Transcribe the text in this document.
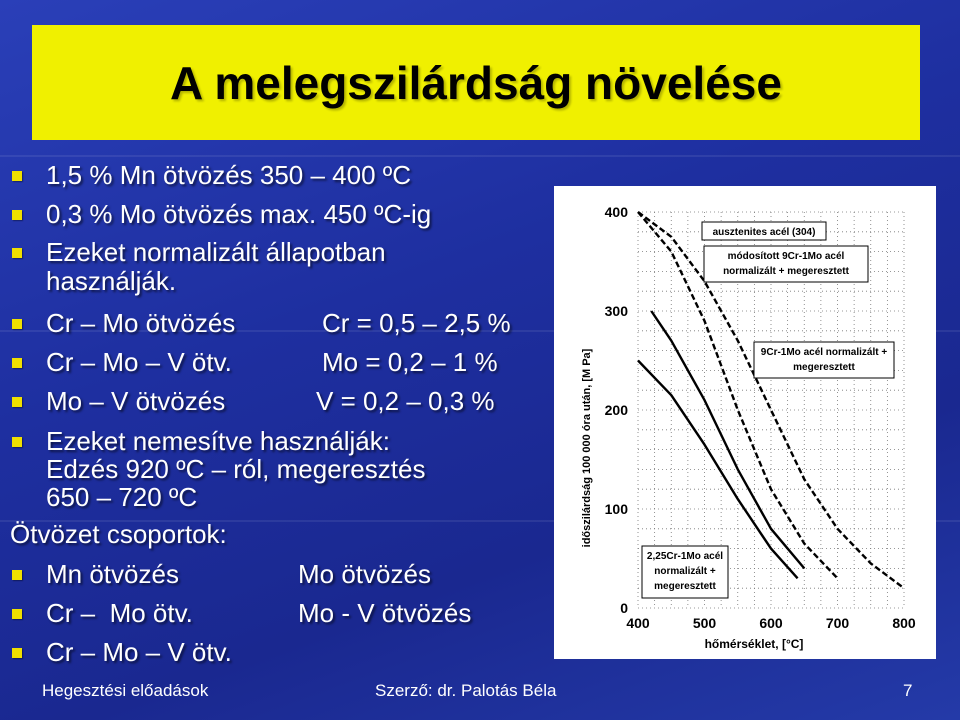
A melegszilárdság növelése
1,5 % Mn ötvözés 350 – 400 ºC
0,3 % Mo ötvözés max. 450 ºC-ig
Ezeket normalizált állapotban
használják.
Cr – Mo ötvözés	Cr = 0,5 – 2,5 %
Cr – Mo – V ötv.	Mo = 0,2 – 1 %
Mo – V ötvözés	V = 0,2 – 0,3 %
Ezeket nemesítve használják:
Edzés 920 ºC – ról, megeresztés
650 – 720 ºC
Ötvözet csoportok:
Mn ötvözés	Mo ötvözés
Cr –  Mo ötv.	Mo - V ötvözés
Cr – Mo – V ötv.
400	500	600	700	800
0
100
200
300
400
időszilárdság 100 000 óra után, [M Pa]
hőmérséklet, [°C]
ausztenites acél (304)
módosított 9Cr-1Mo acél normalizált + megeresztett
9Cr-1Mo acél normalizált + megeresztett
2,25Cr-1Mo acél normalizált + megeresztett
Hegesztési előadások	Szerző: dr. Palotás Béla	7
